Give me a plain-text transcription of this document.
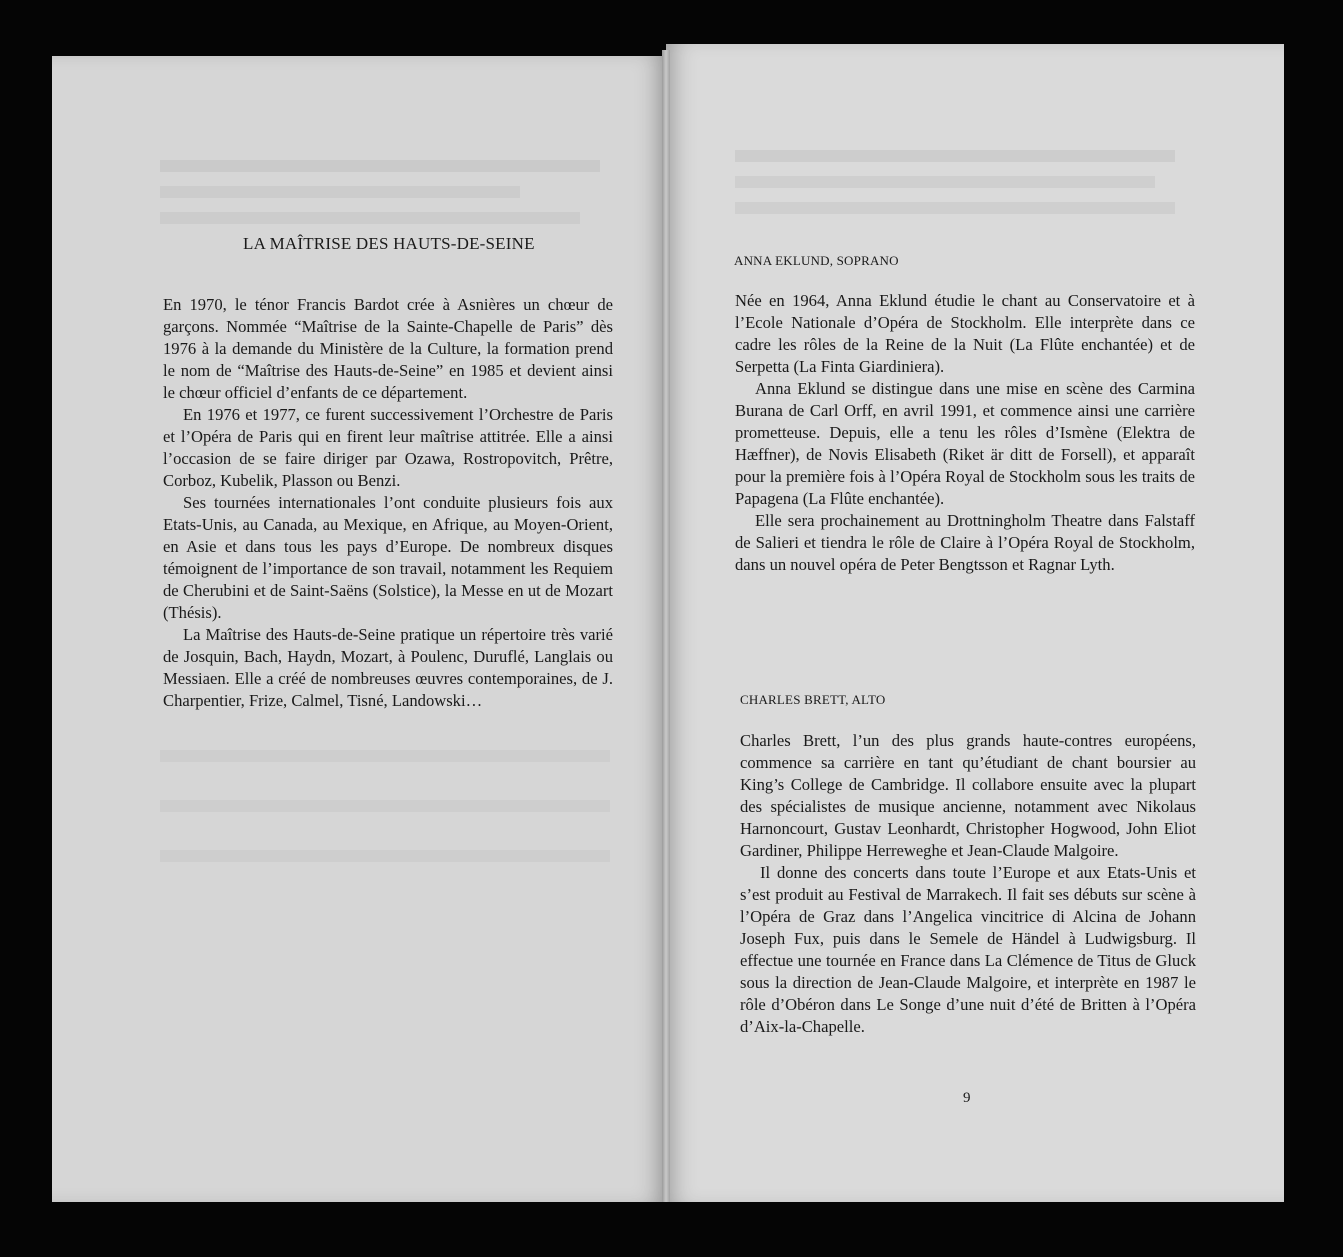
LA MAÎTRISE DES HAUTS-DE-SEINE

En 1970, le ténor Francis Bardot crée à Asnières un chœur de garçons. Nommée “Maîtrise de la Sainte-Chapelle de Paris” dès 1976 à la demande du Ministère de la Culture, la formation prend le nom de “Maîtrise des Hauts-de-Seine” en 1985 et devient ainsi le chœur officiel d’enfants de ce département.

En 1976 et 1977, ce furent successivement l’Orchestre de Paris et l’Opéra de Paris qui en firent leur maîtrise attitrée. Elle a ainsi l’occasion de se faire diriger par Ozawa, Rostropovitch, Prêtre, Corboz, Kubelik, Plasson ou Benzi.

Ses tournées internationales l’ont conduite plusieurs fois aux Etats-Unis, au Canada, au Mexique, en Afrique, au Moyen-Orient, en Asie et dans tous les pays d’Europe. De nombreux disques témoignent de l’importance de son travail, notamment les Requiem de Cherubini et de Saint-Saëns (Solstice), la Messe en ut de Mozart (Thésis).

La Maîtrise des Hauts-de-Seine pratique un répertoire très varié de Josquin, Bach, Haydn, Mozart, à Poulenc, Duruflé, Langlais ou Messiaen. Elle a créé de nombreuses œuvres contemporaines, de J. Charpentier, Frize, Calmel, Tisné, Landowski…

ANNA EKLUND, SOPRANO

Née en 1964, Anna Eklund étudie le chant au Conservatoire et à l’Ecole Nationale d’Opéra de Stockholm. Elle interprète dans ce cadre les rôles de la Reine de la Nuit (La Flûte enchantée) et de Serpetta (La Finta Giardiniera).

Anna Eklund se distingue dans une mise en scène des Carmina Burana de Carl Orff, en avril 1991, et commence ainsi une carrière prometteuse. Depuis, elle a tenu les rôles d’Ismène (Elektra de Hæffner), de Novis Elisabeth (Riket är ditt de Forsell), et apparaît pour la première fois à l’Opéra Royal de Stockholm sous les traits de Papagena (La Flûte enchantée).

Elle sera prochainement au Drottningholm Theatre dans Falstaff de Salieri et tiendra le rôle de Claire à l’Opéra Royal de Stockholm, dans un nouvel opéra de Peter Bengtsson et Ragnar Lyth.

CHARLES BRETT, ALTO

Charles Brett, l’un des plus grands haute-contres européens, commence sa carrière en tant qu’étudiant de chant boursier au King’s College de Cambridge. Il collabore ensuite avec la plupart des spécialistes de musique ancienne, notamment avec Nikolaus Harnoncourt, Gustav Leonhardt, Christopher Hogwood, John Eliot Gardiner, Philippe Herreweghe et Jean-Claude Malgoire.

Il donne des concerts dans toute l’Europe et aux Etats-Unis et s’est produit au Festival de Marrakech. Il fait ses débuts sur scène à l’Opéra de Graz dans l’Angelica vincitrice di Alcina de Johann Joseph Fux, puis dans le Semele de Händel à Ludwigsburg. Il effectue une tournée en France dans La Clémence de Titus de Gluck sous la direction de Jean-Claude Malgoire, et interprète en 1987 le rôle d’Obéron dans Le Songe d’une nuit d’été de Britten à l’Opéra d’Aix-la-Chapelle.

9
